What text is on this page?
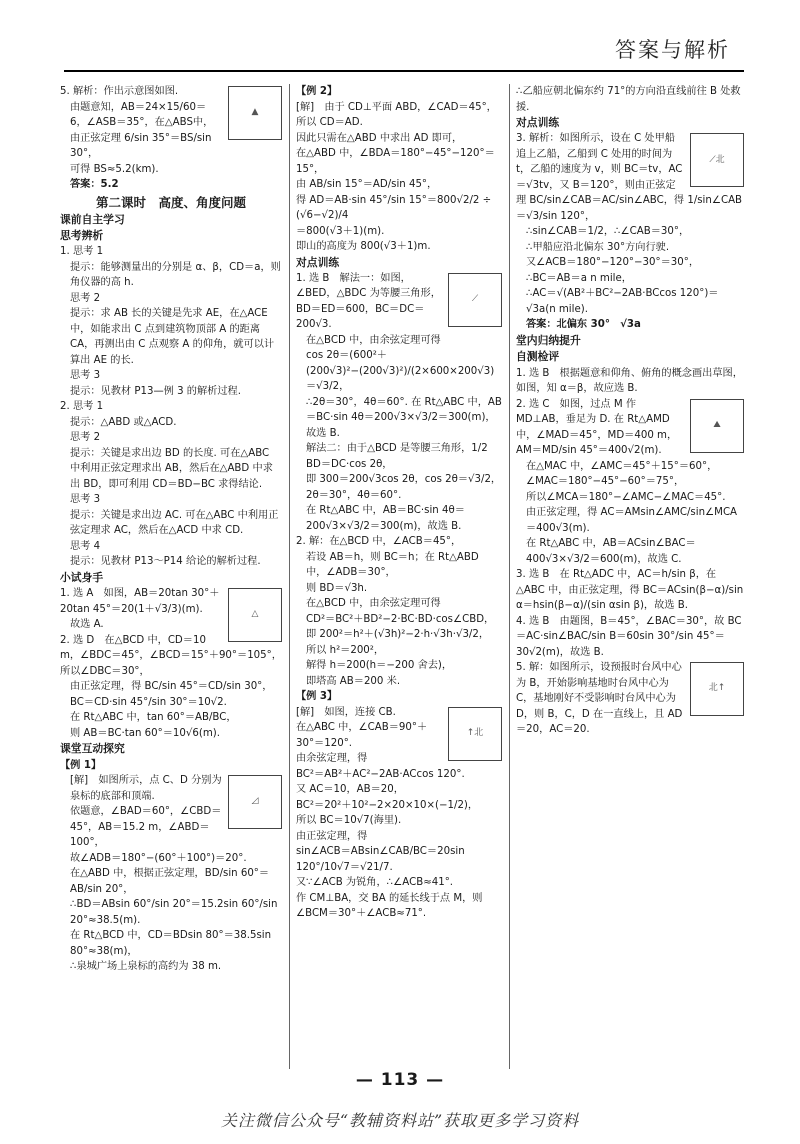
答案与解析
▲

5. 解析：作出示意图如图.

由题意知，AB＝24×15/60＝6，∠ASB＝35°，在△ABS中，由正弦定理 6/sin 35°＝BS/sin 30°，

可得 BS≈5.2(km).

答案：5.2

第二课时　高度、角度问题

课前自主学习

思考辨析

1. 思考 1

提示：能够测量出的分别是 α、β，CD＝a，则角仪器的高 h.

思考 2

提示：求 AB 长的关键是先求 AE，在△ACE 中，如能求出 C 点到建筑物顶部 A 的距离 CA，再测出由 C 点观察 A 的仰角，就可以计算出 AE 的长.

思考 3

提示：见教材 P13—例 3 的解析过程.

2. 思考 1

提示：△ABD 或△ACD.

思考 2

提示：关键是求出边 BD 的长度. 可在△ABC 中利用正弦定理求出 AB，然后在△ABD 中求出 BD，即可利用 CD＝BD−BC 求得结论.

思考 3

提示：关键是求出边 AC. 可在△ABC 中利用正弦定理求 AC，然后在△ACD 中求 CD.

思考 4

提示：见教材 P13～P14 给论的解析过程.

小试身手

△

1. 选 A　如图，AB＝20tan 30°＋20tan 45°＝20(1＋√3/3)(m).

故选 A.

2. 选 D　在△BCD 中，CD＝10 m，∠BDC＝45°，∠BCD＝15°＋90°＝105°，所以∠DBC＝30°，

由正弦定理，得 BC/sin 45°＝CD/sin 30°，BC＝CD·sin 45°/sin 30°＝10√2.

在 Rt△ABC 中，tan 60°＝AB/BC，

则 AB＝BC·tan 60°＝10√6(m).

课堂互动探究

【例 1】

◿

[解]　如图所示，点 C、D 分别为泉标的底部和顶端.

依题意，∠BAD＝60°，∠CBD＝45°，AB＝15.2 m，∠ABD＝100°，

故∠ADB＝180°−(60°＋100°)＝20°.

在△ABD 中，根据正弦定理，BD/sin 60°＝AB/sin 20°，

∴BD＝ABsin 60°/sin 20°＝15.2sin 60°/sin 20°≈38.5(m).

在 Rt△BCD 中，CD＝BDsin 80°＝38.5sin 80°≈38(m)，

∴泉城广场上泉标的高约为 38 m.

【例 2】

[解]　由于 CD⊥平面 ABD，∠CAD＝45°，

所以 CD＝AD.

因此只需在△ABD 中求出 AD 即可，

在△ABD 中，∠BDA＝180°−45°−120°＝15°，

由 AB/sin 15°＝AD/sin 45°，

得 AD＝AB·sin 45°/sin 15°＝800√2/2 ÷ (√6−√2)/4

＝800(√3＋1)(m).

即山的高度为 800(√3＋1)m.

对点训练

⟋

1. 选 B　解法一：如图，∠BED，△BDC 为等腰三角形，BD＝ED＝600，BC＝DC＝200√3.

在△BCD 中，由余弦定理可得

cos 2θ＝(600²＋(200√3)²−(200√3)²)/(2×600×200√3)＝√3/2，

∴2θ＝30°，4θ＝60°. 在 Rt△ABC 中，AB＝BC·sin 4θ＝200√3×√3/2＝300(m)，

故选 B.

解法二：由于△BCD 是等腰三角形，1/2 BD＝DC·cos 2θ，

即 300＝200√3cos 2θ，cos 2θ＝√3/2，2θ＝30°，4θ＝60°.

在 Rt△ABC 中，AB＝BC·sin 4θ＝200√3×√3/2＝300(m)，故选 B.

2. 解：在△BCD 中，∠ACB＝45°，

若设 AB＝h，则 BC＝h；在 Rt△ABD 中，∠ADB＝30°，

则 BD＝√3h.

在△BCD 中，由余弦定理可得

CD²＝BC²＋BD²−2·BC·BD·cos∠CBD，

即 200²＝h²＋(√3h)²−2·h·√3h·√3/2，

所以 h²＝200²，

解得 h＝200(h＝−200 舍去)，

即塔高 AB＝200 米.

【例 3】

↑北

[解]　如图，连接 CB.

在△ABC 中，∠CAB＝90°＋30°＝120°.

由余弦定理，得

BC²＝AB²＋AC²−2AB·ACcos 120°.

又 AC＝10，AB＝20，

BC²＝20²＋10²−2×20×10×(−1/2)，

所以 BC＝10√7(海里).

由正弦定理，得

sin∠ACB＝ABsin∠CAB/BC＝20sin 120°/10√7＝√21/7.

又∵∠ACB 为锐角，∴∠ACB≈41°.

作 CM⊥BA，交 BA 的延长线于点 M，则∠BCM＝30°＋∠ACB≈71°.

∴乙船应朝北偏东约 71°的方向沿直线前往 B 处救援.

对点训练

⟋北

3. 解析：如图所示，设在 C 处甲船追上乙船，乙船到 C 处用的时间为 t，乙船的速度为 v，则 BC＝tv，AC＝√3tv，又 B＝120°，则由正弦定理 BC/sin∠CAB＝AC/sin∠ABC，得 1/sin∠CAB＝√3/sin 120°，

∴sin∠CAB＝1/2，∴∠CAB＝30°，

∴甲船应沿北偏东 30°方向行驶.

又∠ACB＝180°−120°−30°＝30°，

∴BC＝AB＝a n mile，

∴AC＝√(AB²＋BC²−2AB·BCcos 120°)＝√3a(n mile).

答案：北偏东 30°　√3a

堂内归纳提升

自测检评

1. 选 B　根据题意和仰角、俯角的概念画出草图，如图，知 α＝β，故应选 B.

⛰

2. 选 C　如图，过点 M 作 MD⊥AB，垂足为 D. 在 Rt△AMD 中，∠MAD＝45°，MD＝400 m，AM＝MD/sin 45°＝400√2(m).

在△MAC 中，∠AMC＝45°＋15°＝60°，∠MAC＝180°−45°−60°＝75°，

所以∠MCA＝180°−∠AMC−∠MAC＝45°.

由正弦定理，得 AC＝AMsin∠AMC/sin∠MCA＝400√3(m).

在 Rt△ABC 中，AB＝ACsin∠BAC＝400√3×√3/2＝600(m)，故选 C.

3. 选 B　在 Rt△ADC 中，AC＝h/sin β，在△ABC 中，由正弦定理，得 BC＝ACsin(β−α)/sin α＝hsin(β−α)/(sin αsin β)，故选 B.

4. 选 B　由题图，B＝45°，∠BAC＝30°，故 BC＝AC·sin∠BAC/sin B＝60sin 30°/sin 45°＝30√2(m)，故选 B.

北↑

5. 解：如图所示，设预报时台风中心为 B，开始影响基地时台风中心为 C，基地刚好不受影响时台风中心为 D，则 B，C，D 在一直线上，且 AD＝20，AC＝20.

— 113 —
关注微信公众号“教辅资料站”获取更多学习资料
